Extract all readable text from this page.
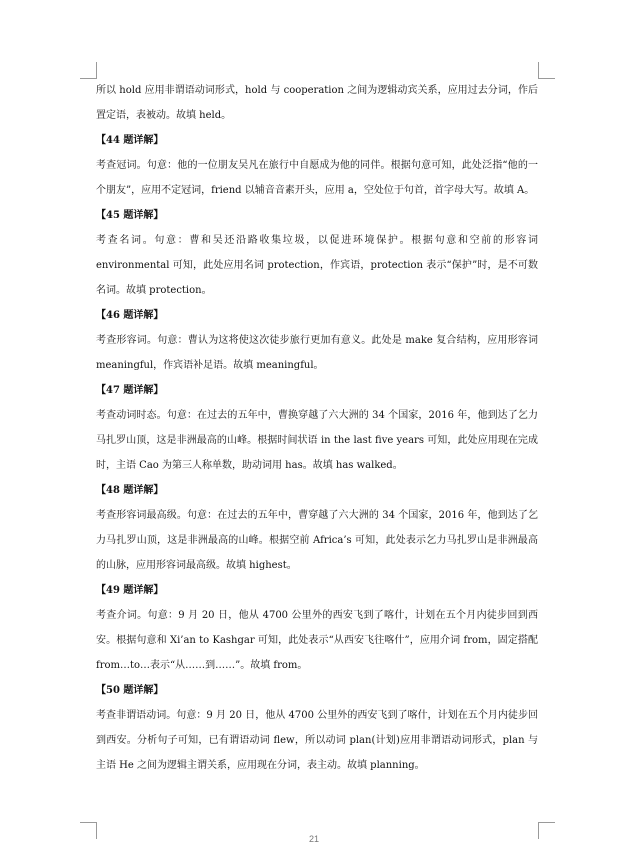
所以 hold 应用非谓语动词形式，hold 与 cooperation 之间为逻辑动宾关系，应用过去分词，作后置定语，表被动。故填 held。
【44 题详解】
考查冠词。句意：他的一位朋友吴凡在旅行中自愿成为他的同伴。根据句意可知，此处泛指“他的一个朋友”，应用不定冠词，friend 以辅音音素开头，应用 a，空处位于句首，首字母大写。故填 A。
【45 题详解】
考查名词。句意：曹和吴还沿路收集垃圾，以促进环境保护。根据句意和空前的形容词 environmental 可知，此处应用名词 protection，作宾语，protection 表示“保护”时，是不可数名词。故填 protection。
【46 题详解】
考查形容词。句意：曹认为这将使这次徒步旅行更加有意义。此处是 make 复合结构，应用形容词 meaningful，作宾语补足语。故填 meaningful。
【47 题详解】
考查动词时态。句意：在过去的五年中，曹换穿越了六大洲的 34 个国家，2016 年，他到达了乞力马扎罗山顶，这是非洲最高的山峰。根据时间状语 in the last five years 可知，此处应用现在完成时，主语 Cao 为第三人称单数，助动词用 has。故填 has walked。
【48 题详解】
考查形容词最高级。句意：在过去的五年中，曹穿越了六大洲的 34 个国家，2016 年，他到达了乞力马扎罗山顶，这是非洲最高的山峰。根据空前 Africa’s 可知，此处表示乞力马扎罗山是非洲最高的山脉，应用形容词最高级。故填 highest。
【49 题详解】
考查介词。句意：9 月 20 日，他从 4700 公里外的西安飞到了喀什，计划在五个月内徒步回到西安。根据句意和 Xi’an to Kashgar 可知，此处表示“从西安飞往喀什”，应用介词 from，固定搭配 from…to…表示“从……到……”。故填 from。
【50 题详解】
考查非谓语动词。句意：9 月 20 日，他从 4700 公里外的西安飞到了喀什，计划在五个月内徒步回到西安。分析句子可知，已有谓语动词 flew，所以动词 plan(计划)应用非谓语动词形式，plan 与主语 He 之间为逻辑主谓关系，应用现在分词，表主动。故填 planning。
21
